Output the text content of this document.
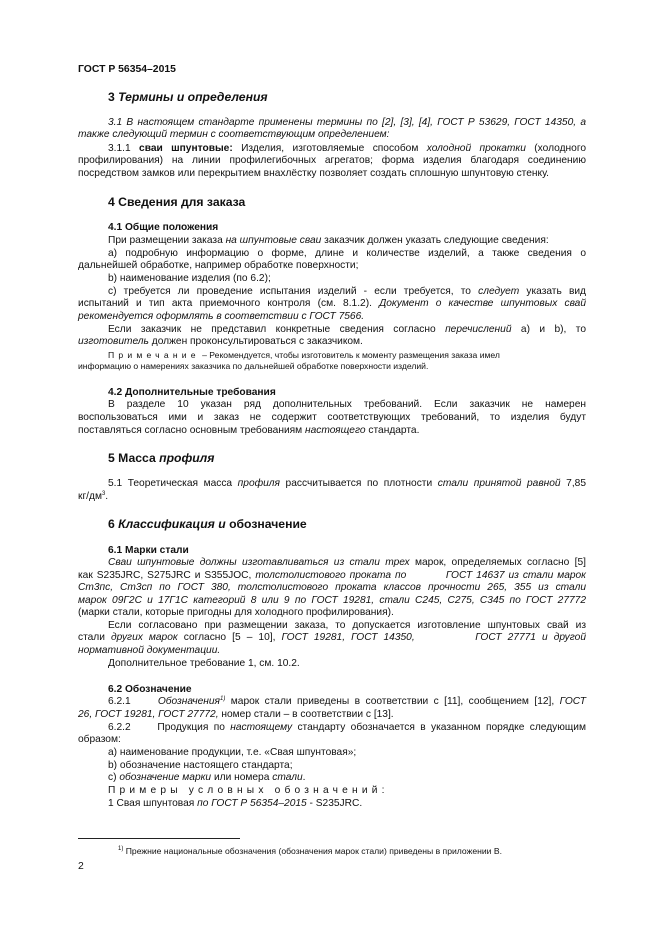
ГОСТ Р 56354–2015
3 Термины и определения
3.1 В настоящем стандарте применены термины по [2], [3], [4], ГОСТ Р 53629, ГОСТ 14350, а
также следующий термин с соответствующим определением:
3.1.1 сваи шпунтовые: Изделия, изготовляемые способом холодной прокатки (холодного
профилирования) на линии профилегибочных агрегатов; форма изделия благодаря соединению
посредством замков или перекрытием внахлёстку позволяет создать сплошную шпунтовую стенку.
4 Сведения для заказа
4.1 Общие положения
При размещении заказа на шпунтовые сваи заказчик должен указать следующие сведения:
а) подробную информацию о форме, длине и количестве изделий, а также сведения о
дальнейшей обработке, например обработке поверхности;
b) наименование изделия (по 6.2);
с) требуется ли проведение испытания изделий - если требуется, то следует указать вид
испытаний и тип акта приемочного контроля (см. 8.1.2). Документ о качестве шпунтовых свай
рекомендуется оформлять в соответствии с ГОСТ 7566.
Если заказчик не представил конкретные сведения согласно перечислений а) и b), то
изготовитель должен проконсультироваться с заказчиком.
Примечание – Рекомендуется, чтобы изготовитель к моменту размещения заказа имел
информацию о намерениях заказчика по дальнейшей обработке поверхности изделий.
4.2 Дополнительные требования
В разделе 10 указан ряд дополнительных требований. Если заказчик не намерен
воспользоваться ими и заказ не содержит соответствующих требований, то изделия будут
поставляться согласно основным требованиям настоящего стандарта.
5 Масса профиля
5.1 Теоретическая масса профиля рассчитывается по плотности стали принятой равной 7,85
$кг/дм^3$.
6 Классификация и обозначение
6.1 Марки стали
Сваи шпунтовые должны изготавливаться из стали трех марок, определяемых согласно [5]
как S235JRC, S275JRC и S355JOC, толстолистового проката по          ГОСТ 14637 из стали марок
Ст3пс, Ст3сп по ГОСТ 380, толстолистового проката классов прочности 265, 355 из стали
марок 09Г2С и 17Г1С категорий 8 или 9 по ГОСТ 19281, стали С245, С275, С345 по ГОСТ 27772
(марки стали, которые пригодны для холодного профилирования).
Если согласовано при размещении заказа, то допускается изготовление шпунтовых свай из
стали других марок согласно [5 – 10], ГОСТ 19281, ГОСТ 14350,          ГОСТ 27771 и другой
нормативной документации.
Дополнительное требование 1, см. 10.2.
6.2 Обозначение
6.2.1     Обозначения$^{1)}$ марок стали приведены в соответствии с [11], сообщением [12], ГОСТ
26, ГОСТ 19281, ГОСТ 27772, номер стали – в соответствии с [13].
6.2.2     Продукция по настоящему стандарту обозначается в указанном порядке следующим
образом:
a) наименование продукции, т.е. «Свая шпунтовая»;
b) обозначение настоящего стандарта;
c) обозначение марки или номера стали.
Примеры условных обозначений:
1 Свая шпунтовая по ГОСТ Р 56354–2015 - S235JRC.
$^{1)}$ Прежние национальные обозначения (обозначения марок стали) приведены в приложении В.
2
